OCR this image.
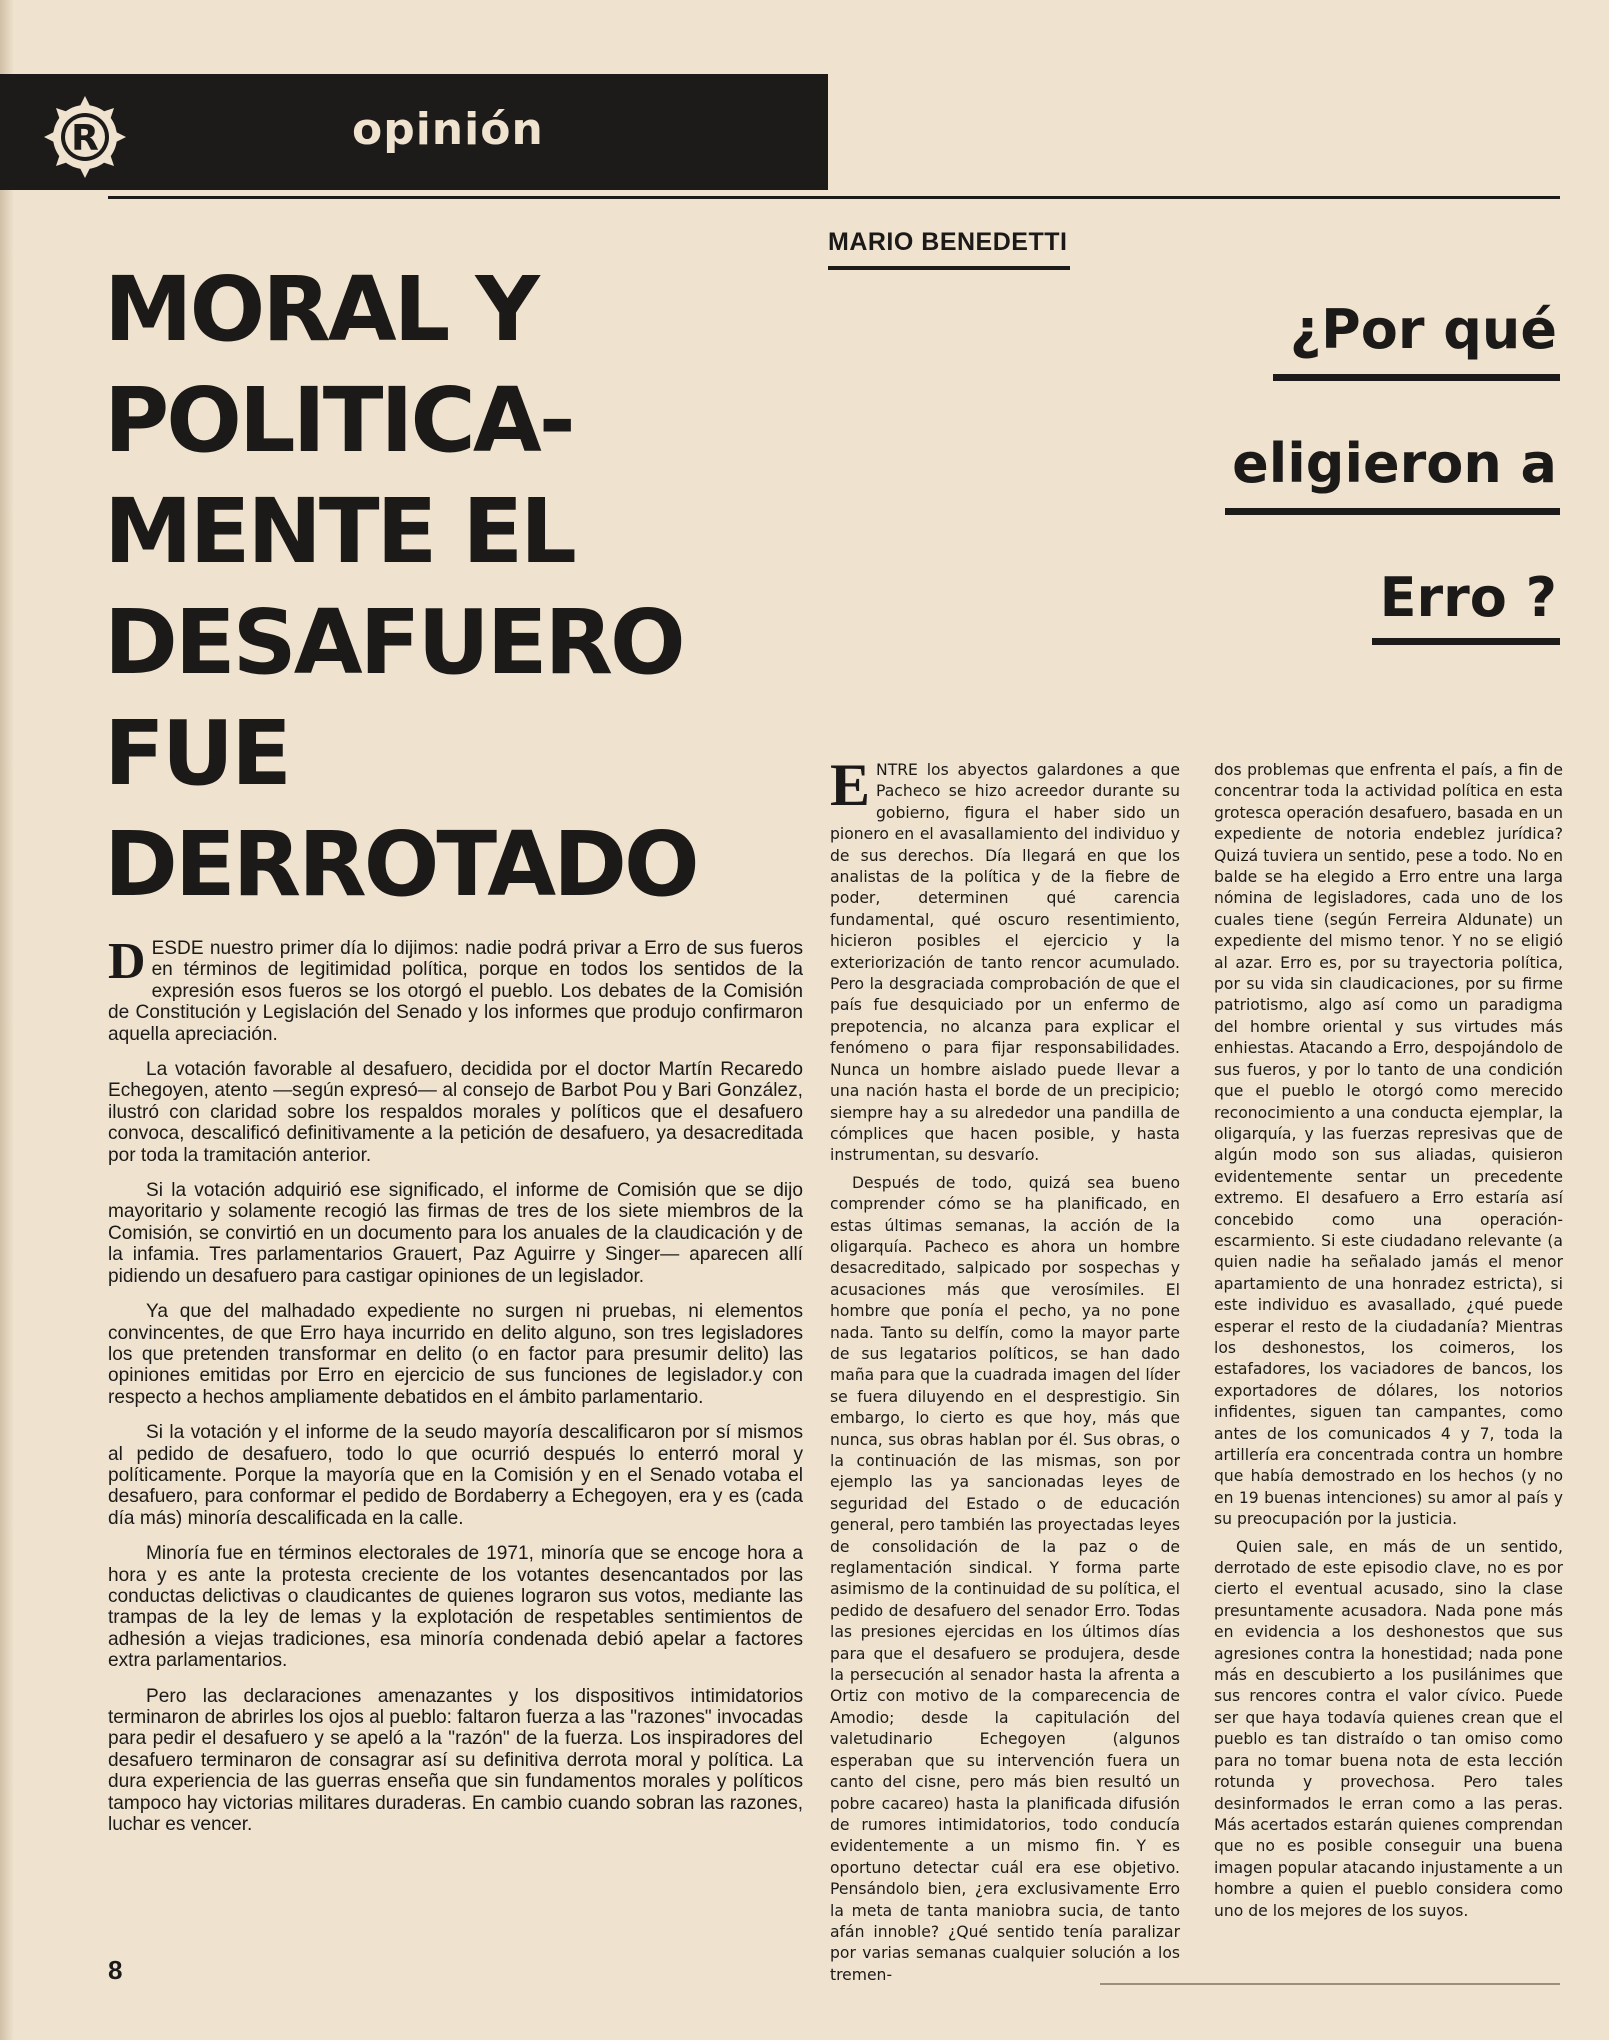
R	opinión
MARIO BENEDETTI
MORAL Y
POLITICA-
MENTE EL
DESAFUERO
FUE
DERROTADO
¿Por qué
eligieron a
Erro ?

DESDE nuestro primer día lo dijimos: nadie podrá privar a Erro de sus fueros en términos de legitimidad política, porque en todos los sentidos de la expresión esos fueros se los otorgó el pueblo. Los debates de la Comisión de Constitución y Legislación del Senado y los informes que produjo confirmaron aquella apreciación.

La votación favorable al desafuero, decidida por el doctor Martín Recaredo Echegoyen, atento —según expresó— al consejo de Barbot Pou y Bari González, ilustró con claridad sobre los respaldos morales y políticos que el desafuero convoca, descalificó definitivamente a la petición de desafuero, ya desacreditada por toda la tramitación anterior.

Si la votación adquirió ese significado, el informe de Comisión que se dijo mayoritario y solamente recogió las firmas de tres de los siete miembros de la Comisión, se convirtió en un documento para los anuales de la claudicación y de la infamia. Tres parlamentarios Grauert, Paz Aguirre y Singer— aparecen allí pidiendo un desafuero para castigar opiniones de un legislador.

Ya que del malhadado expediente no surgen ni pruebas, ni elementos convincentes, de que Erro haya incurrido en delito alguno, son tres legisladores los que pretenden transformar en delito (o en factor para presumir delito) las opiniones emitidas por Erro en ejercicio de sus funciones de legislador.y con respecto a hechos ampliamente debatidos en el ámbito parlamentario.

Si la votación y el informe de la seudo mayoría descalificaron por sí mismos al pedido de desafuero, todo lo que ocurrió después lo enterró moral y políticamente. Porque la mayoría que en la Comisión y en el Senado votaba el desafuero, para conformar el pedido de Bordaberry a Echegoyen, era y es (cada día más) minoría descalificada en la calle.

Minoría fue en términos electorales de 1971, minoría que se encoge hora a hora y es ante la protesta creciente de los votantes desencantados por las conductas delictivas o claudicantes de quienes lograron sus votos, mediante las trampas de la ley de lemas y la explotación de respetables sentimientos de adhesión a viejas tradiciones, esa minoría condenada debió apelar a factores extra parlamentarios.

Pero las declaraciones amenazantes y los dispositivos intimidatorios terminaron de abrirles los ojos al pueblo: faltaron fuerza a las "razones" invocadas para pedir el desafuero y se apeló a la "razón" de la fuerza. Los inspiradores del desafuero terminaron de consagrar así su definitiva derrota moral y política. La dura experiencia de las guerras enseña que sin fundamentos morales y políticos tampoco hay victorias militares duraderas. En cambio cuando sobran las razones, luchar es vencer.

ENTRE los abyectos galardones a que Pacheco se hizo acreedor durante su gobierno, figura el haber sido un pionero en el avasallamiento del individuo y de sus derechos. Día llegará en que los analistas de la política y de la fiebre de poder, determinen qué carencia fundamental, qué oscuro resentimiento, hicieron posibles el ejercicio y la exteriorización de tanto rencor acumulado. Pero la desgraciada comprobación de que el país fue desquiciado por un enfermo de prepotencia, no alcanza para explicar el fenómeno o para fijar responsabilidades. Nunca un hombre aislado puede llevar a una nación hasta el borde de un precipicio; siempre hay a su alrededor una pandilla de cómplices que hacen posible, y hasta instrumentan, su desvarío.

Después de todo, quizá sea bueno comprender cómo se ha planificado, en estas últimas semanas, la acción de la oligarquía. Pacheco es ahora un hombre desacreditado, salpicado por sospechas y acusaciones más que verosímiles. El hombre que ponía el pecho, ya no pone nada. Tanto su delfín, como la mayor parte de sus legatarios políticos, se han dado maña para que la cuadrada imagen del líder se fuera diluyendo en el desprestigio. Sin embargo, lo cierto es que hoy, más que nunca, sus obras hablan por él. Sus obras, o la continuación de las mismas, son por ejemplo las ya sancionadas leyes de seguridad del Estado o de educación general, pero también las proyectadas leyes de consolidación de la paz o de reglamentación sindical. Y forma parte asimismo de la continuidad de su política, el pedido de desafuero del senador Erro. Todas las presiones ejercidas en los últimos días para que el desafuero se produjera, desde la persecución al senador hasta la afrenta a Ortiz con motivo de la comparecencia de Amodio; desde la capitulación del valetudinario Echegoyen (algunos esperaban que su intervención fuera un canto del cisne, pero más bien resultó un pobre cacareo) hasta la planificada difusión de rumores intimidatorios, todo conducía evidentemente a un mismo fin. Y es oportuno detectar cuál era ese objetivo. Pensándolo bien, ¿era exclusivamente Erro la meta de tanta maniobra sucia, de tanto afán innoble? ¿Qué sentido tenía paralizar por varias semanas cualquier solución a los tremen-

dos problemas que enfrenta el país, a fin de concentrar toda la actividad política en esta grotesca operación desafuero, basada en un expediente de notoria endeblez jurídica? Quizá tuviera un sentido, pese a todo. No en balde se ha elegido a Erro entre una larga nómina de legisladores, cada uno de los cuales tiene (según Ferreira Aldunate) un expediente del mismo tenor. Y no se eligió al azar. Erro es, por su trayectoria política, por su vida sin claudicaciones, por su firme patriotismo, algo así como un paradigma del hombre oriental y sus virtudes más enhiestas. Atacando a Erro, despojándolo de sus fueros, y por lo tanto de una condición que el pueblo le otorgó como merecido reconocimiento a una conducta ejemplar, la oligarquía, y las fuerzas represivas que de algún modo son sus aliadas, quisieron evidentemente sentar un precedente extremo. El desafuero a Erro estaría así concebido como una operación-escarmiento. Si este ciudadano relevante (a quien nadie ha señalado jamás el menor apartamiento de una honradez estricta), si este individuo es avasallado, ¿qué puede esperar el resto de la ciudadanía? Mientras los deshonestos, los coimeros, los estafadores, los vaciadores de bancos, los exportadores de dólares, los notorios infidentes, siguen tan campantes, como antes de los comunicados 4 y 7, toda la artillería era concentrada contra un hombre que había demostrado en los hechos (y no en 19 buenas intenciones) su amor al país y su preocupación por la justicia.

Quien sale, en más de un sentido, derrotado de este episodio clave, no es por cierto el eventual acusado, sino la clase presuntamente acusadora. Nada pone más en evidencia a los deshonestos que sus agresiones contra la honestidad; nada pone más en descubierto a los pusilánimes que sus rencores contra el valor cívico. Puede ser que haya todavía quienes crean que el pueblo es tan distraído o tan omiso como para no tomar buena nota de esta lección rotunda y provechosa. Pero tales desinformados le erran como a las peras. Más acertados estarán quienes comprendan que no es posible conseguir una buena imagen popular atacando injustamente a un hombre a quien el pueblo considera como uno de los mejores de los suyos.

8
